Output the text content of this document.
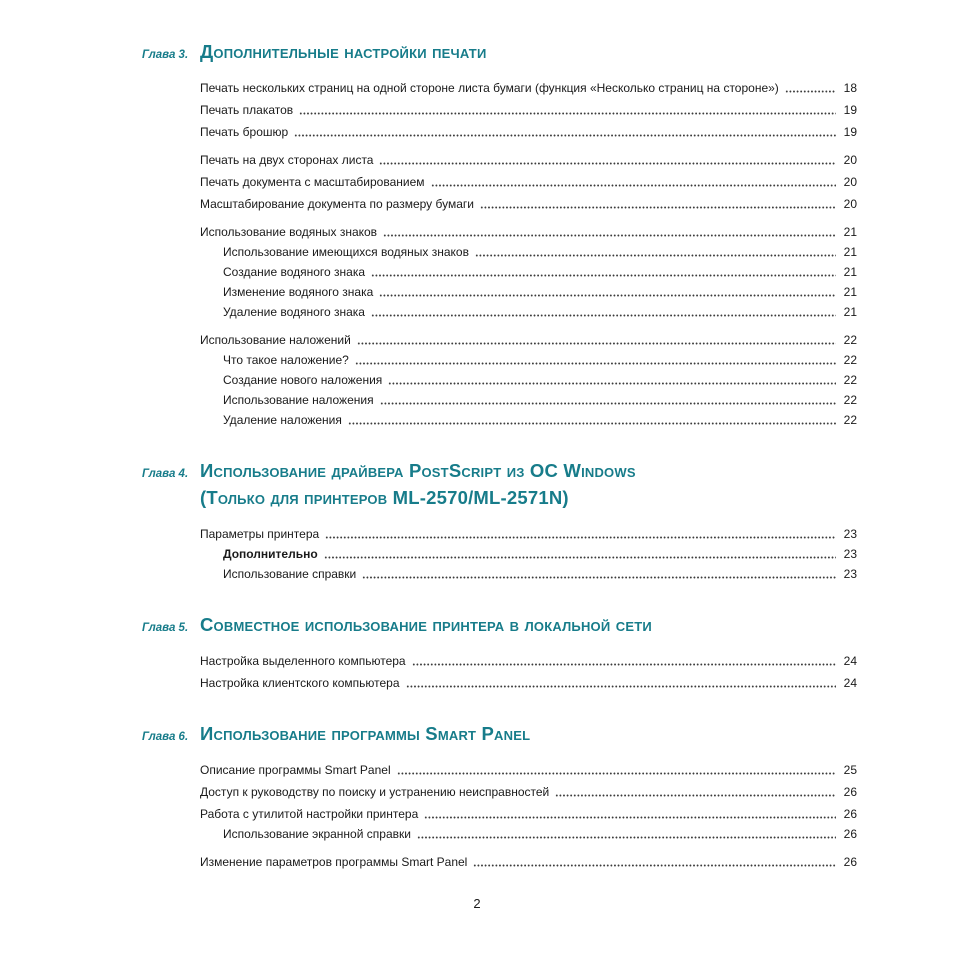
Глава 3. Дополнительные настройки печати
Печать нескольких страниц на одной стороне листа бумаги (функция «Несколько страниц на стороне»)	18
Печать плакатов	19
Печать брошюр	19
Печать на двух сторонах листа	20
Печать документа с масштабированием	20
Масштабирование документа по размеру бумаги	20
Использование водяных знаков	21
Использование имеющихся водяных знаков	21
Создание водяного знака	21
Изменение водяного знака	21
Удаление водяного знака	21
Использование наложений	22
Что такое наложение?	22
Создание нового наложения	22
Использование наложения	22
Удаление наложения	22
Глава 4. Использование драйвера PostScript из ОС Windows
(Только для принтеров ML-2570/ML-2571N)
Параметры принтера	23
Дополнительно	23
Использование справки	23
Глава 5. Совместное использование принтера в локальной сети
Настройка выделенного компьютера	24
Настройка клиентского компьютера	24
Глава 6. Использование программы Smart Panel
Описание программы Smart Panel	25
Доступ к руководству по поиску и устранению неисправностей	26
Работа с утилитой настройки принтера	26
Использование экранной справки	26
Изменение параметров программы Smart Panel	26
2
